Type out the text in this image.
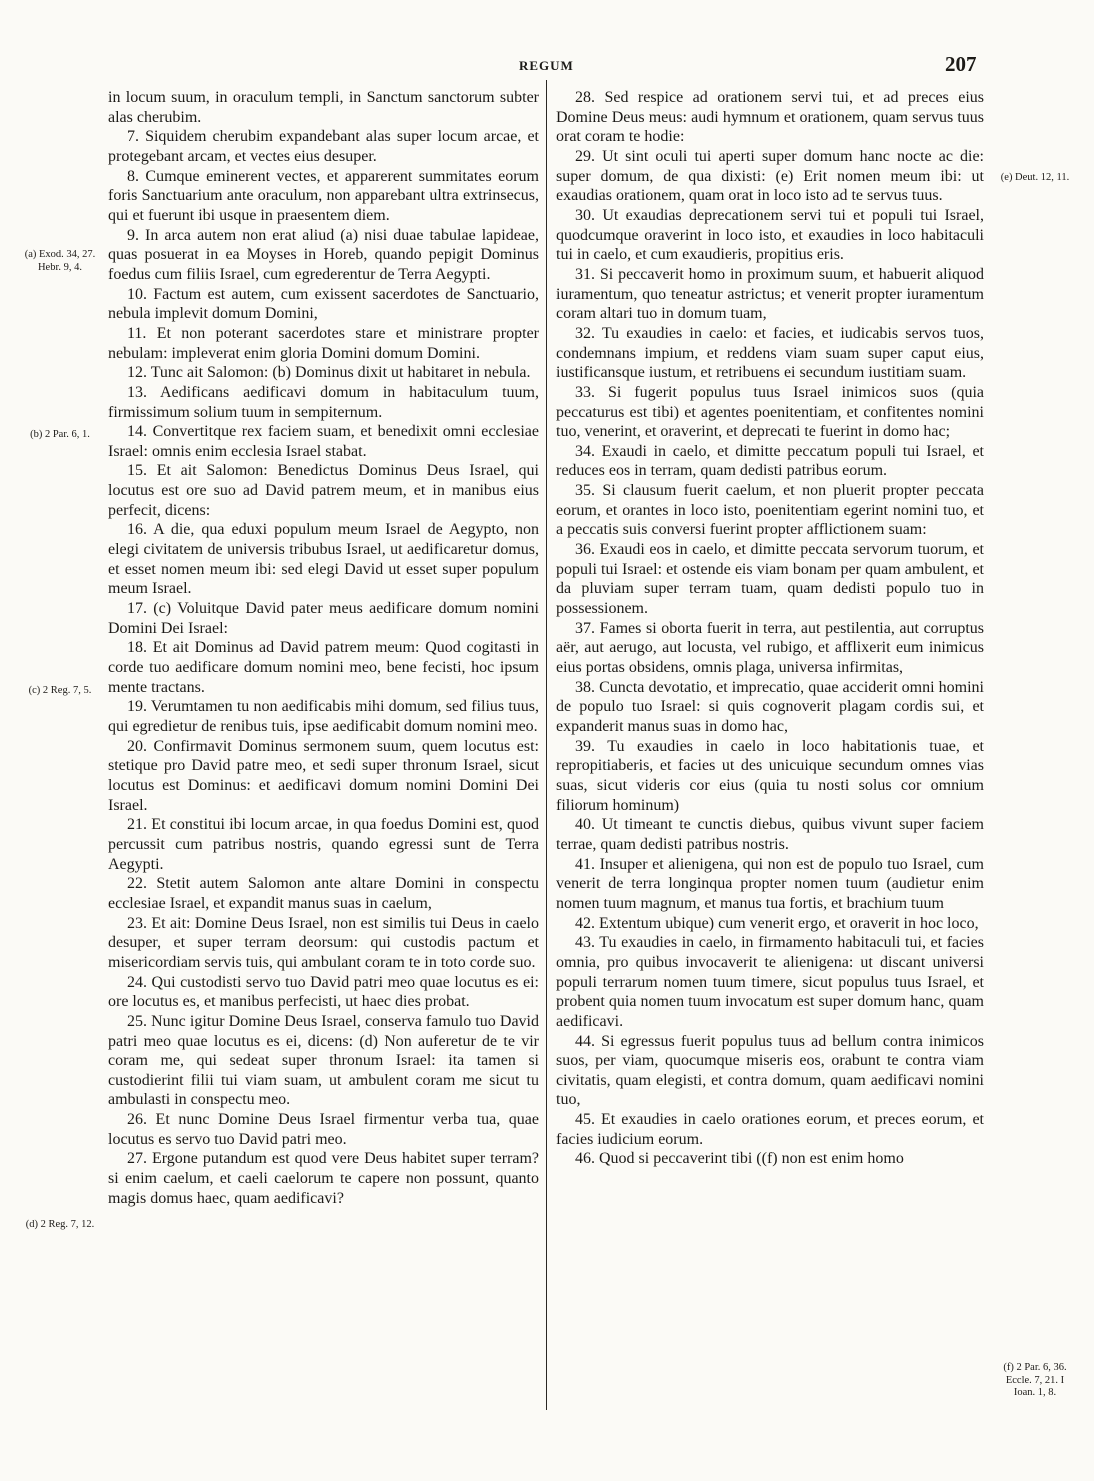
REGUM	207

in locum suum, in oraculum templi, in Sanctum sanctorum subter alas cherubim.

7. Siquidem cherubim expandebant alas super locum arcae, et protegebant arcam, et vectes eius desuper.

8. Cumque eminerent vectes, et apparerent summitates eorum foris Sanctuarium ante oraculum, non apparebant ultra extrinsecus, qui et fuerunt ibi usque in praesentem diem.

9. In arca autem non erat aliud (a) nisi duae tabulae lapideae, quas posuerat in ea Moyses in Horeb, quando pepigit Dominus foedus cum filiis Israel, cum egrederentur de Terra Aegypti.

10. Factum est autem, cum exissent sacerdotes de Sanctuario, nebula implevit domum Domini,

11. Et non poterant sacerdotes stare et ministrare propter nebulam: impleverat enim gloria Domini domum Domini.

12. Tunc ait Salomon: (b) Dominus dixit ut habitaret in nebula.

13. Aedificans aedificavi domum in habitaculum tuum, firmissimum solium tuum in sempiternum.

14. Convertitque rex faciem suam, et benedixit omni ecclesiae Israel: omnis enim ecclesia Israel stabat.

15. Et ait Salomon: Benedictus Dominus Deus Israel, qui locutus est ore suo ad David patrem meum, et in manibus eius perfecit, dicens:

16. A die, qua eduxi populum meum Israel de Aegypto, non elegi civitatem de universis tribubus Israel, ut aedificaretur domus, et esset nomen meum ibi: sed elegi David ut esset super populum meum Israel.

17. (c) Voluitque David pater meus aedificare domum nomini Domini Dei Israel:

18. Et ait Dominus ad David patrem meum: Quod cogitasti in corde tuo aedificare domum nomini meo, bene fecisti, hoc ipsum mente tractans.

19. Verumtamen tu non aedificabis mihi domum, sed filius tuus, qui egredietur de renibus tuis, ipse aedificabit domum nomini meo.

20. Confirmavit Dominus sermonem suum, quem locutus est: stetique pro David patre meo, et sedi super thronum Israel, sicut locutus est Dominus: et aedificavi domum nomini Domini Dei Israel.

21. Et constitui ibi locum arcae, in qua foedus Domini est, quod percussit cum patribus nostris, quando egressi sunt de Terra Aegypti.

22. Stetit autem Salomon ante altare Domini in conspectu ecclesiae Israel, et expandit manus suas in caelum,

23. Et ait: Domine Deus Israel, non est similis tui Deus in caelo desuper, et super terram deorsum: qui custodis pactum et misericordiam servis tuis, qui ambulant coram te in toto corde suo.

24. Qui custodisti servo tuo David patri meo quae locutus es ei: ore locutus es, et manibus perfecisti, ut haec dies probat.

25. Nunc igitur Domine Deus Israel, conserva famulo tuo David patri meo quae locutus es ei, dicens: (d) Non auferetur de te vir coram me, qui sedeat super thronum Israel: ita tamen si custodierint filii tui viam suam, ut ambulent coram me sicut tu ambulasti in conspectu meo.

26. Et nunc Domine Deus Israel firmentur verba tua, quae locutus es servo tuo David patri meo.

27. Ergone putandum est quod vere Deus habitet super terram? si enim caelum, et caeli caelorum te capere non possunt, quanto magis domus haec, quam aedificavi?

28. Sed respice ad orationem servi tui, et ad preces eius Domine Deus meus: audi hymnum et orationem, quam servus tuus orat coram te hodie:

29. Ut sint oculi tui aperti super domum hanc nocte ac die: super domum, de qua dixisti: (e) Erit nomen meum ibi: ut exaudias orationem, quam orat in loco isto ad te servus tuus.

30. Ut exaudias deprecationem servi tui et populi tui Israel, quodcumque oraverint in loco isto, et exaudies in loco habitaculi tui in caelo, et cum exaudieris, propitius eris.

31. Si peccaverit homo in proximum suum, et habuerit aliquod iuramentum, quo teneatur astrictus; et venerit propter iuramentum coram altari tuo in domum tuam,

32. Tu exaudies in caelo: et facies, et iudicabis servos tuos, condemnans impium, et reddens viam suam super caput eius, iustificansque iustum, et retribuens ei secundum iustitiam suam.

33. Si fugerit populus tuus Israel inimicos suos (quia peccaturus est tibi) et agentes poenitentiam, et confitentes nomini tuo, venerint, et oraverint, et deprecati te fuerint in domo hac;

34. Exaudi in caelo, et dimitte peccatum populi tui Israel, et reduces eos in terram, quam dedisti patribus eorum.

35. Si clausum fuerit caelum, et non pluerit propter peccata eorum, et orantes in loco isto, poenitentiam egerint nomini tuo, et a peccatis suis conversi fuerint propter afflictionem suam:

36. Exaudi eos in caelo, et dimitte peccata servorum tuorum, et populi tui Israel: et ostende eis viam bonam per quam ambulent, et da pluviam super terram tuam, quam dedisti populo tuo in possessionem.

37. Fames si oborta fuerit in terra, aut pestilentia, aut corruptus aër, aut aerugo, aut locusta, vel rubigo, et afflixerit eum inimicus eius portas obsidens, omnis plaga, universa infirmitas,

38. Cuncta devotatio, et imprecatio, quae acciderit omni homini de populo tuo Israel: si quis cognoverit plagam cordis sui, et expanderit manus suas in domo hac,

39. Tu exaudies in caelo in loco habitationis tuae, et repropitiaberis, et facies ut des unicuique secundum omnes vias suas, sicut videris cor eius (quia tu nosti solus cor omnium filiorum hominum)

40. Ut timeant te cunctis diebus, quibus vivunt super faciem terrae, quam dedisti patribus nostris.

41. Insuper et alienigena, qui non est de populo tuo Israel, cum venerit de terra longinqua propter nomen tuum (audietur enim nomen tuum magnum, et manus tua fortis, et brachium tuum

42. Extentum ubique) cum venerit ergo, et oraverit in hoc loco,

43. Tu exaudies in caelo, in firmamento habitaculi tui, et facies omnia, pro quibus invocaverit te alienigena: ut discant universi populi terrarum nomen tuum timere, sicut populus tuus Israel, et probent quia nomen tuum invocatum est super domum hanc, quam aedificavi.

44. Si egressus fuerit populus tuus ad bellum contra inimicos suos, per viam, quocumque miseris eos, orabunt te contra viam civitatis, quam elegisti, et contra domum, quam aedificavi nomini tuo,

45. Et exaudies in caelo orationes eorum, et preces eorum, et facies iudicium eorum.

46. Quod si peccaverint tibi ((f) non est enim homo

(a) Exod. 34, 27. Hebr. 9, 4.
(b) 2 Par. 6, 1.
(c) 2 Reg. 7, 5.
(d) 2 Reg. 7, 12.
(e) Deut. 12, 11.
(f) 2 Par. 6, 36. Eccle. 7, 21. I Ioan. 1, 8.
